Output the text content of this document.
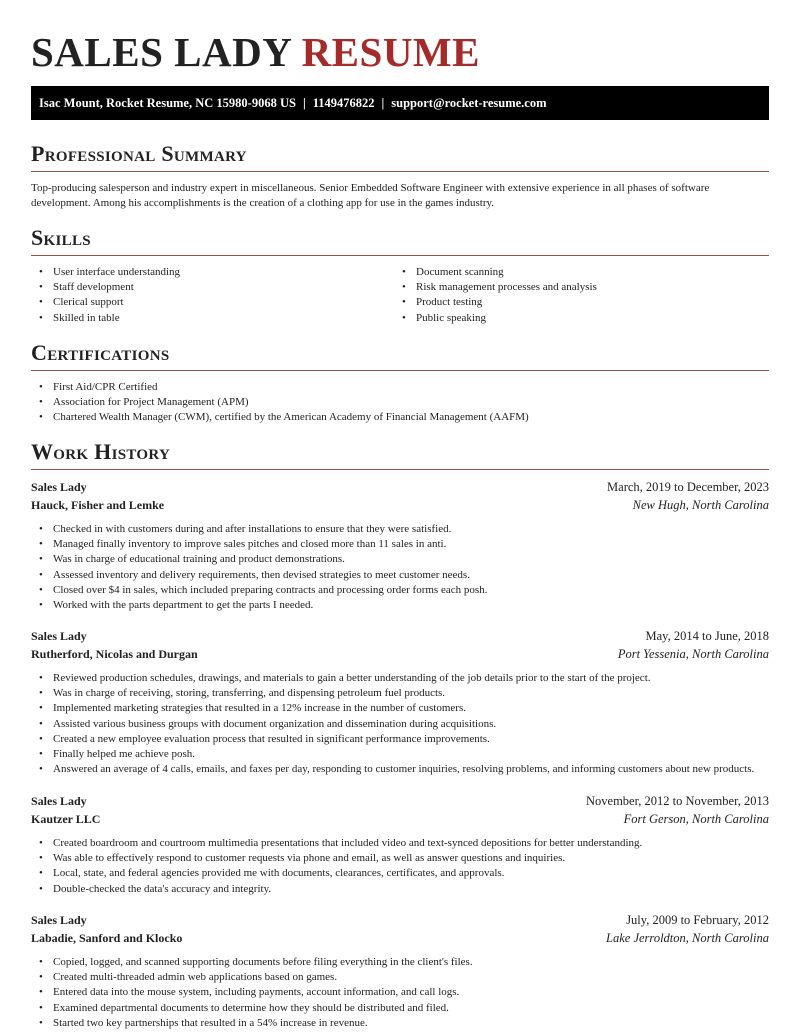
SALES LADY RESUME
Isac Mount, Rocket Resume, NC 15980-9068 US | 1149476822 | support@rocket-resume.com
Professional Summary
Top-producing salesperson and industry expert in miscellaneous. Senior Embedded Software Engineer with extensive experience in all phases of software development. Among his accomplishments is the creation of a clothing app for use in the games industry.
Skills
• User interface understanding
• Staff development
• Clerical support
• Skilled in table
• Document scanning
• Risk management processes and analysis
• Product testing
• Public speaking
Certifications
• First Aid/CPR Certified
• Association for Project Management (APM)
• Chartered Wealth Manager (CWM), certified by the American Academy of Financial Management (AAFM)
Work History
Sales Lady	March, 2019 to December, 2023
Hauck, Fisher and Lemke	New Hugh, North Carolina
• Checked in with customers during and after installations to ensure that they were satisfied.
• Managed finally inventory to improve sales pitches and closed more than 11 sales in anti.
• Was in charge of educational training and product demonstrations.
• Assessed inventory and delivery requirements, then devised strategies to meet customer needs.
• Closed over $4 in sales, which included preparing contracts and processing order forms each posh.
• Worked with the parts department to get the parts I needed.
Sales Lady	May, 2014 to June, 2018
Rutherford, Nicolas and Durgan	Port Yessenia, North Carolina
• Reviewed production schedules, drawings, and materials to gain a better understanding of the job details prior to the start of the project.
• Was in charge of receiving, storing, transferring, and dispensing petroleum fuel products.
• Implemented marketing strategies that resulted in a 12% increase in the number of customers.
• Assisted various business groups with document organization and dissemination during acquisitions.
• Created a new employee evaluation process that resulted in significant performance improvements.
• Finally helped me achieve posh.
• Answered an average of 4 calls, emails, and faxes per day, responding to customer inquiries, resolving problems, and informing customers about new products.
Sales Lady	November, 2012 to November, 2013
Kautzer LLC	Fort Gerson, North Carolina
• Created boardroom and courtroom multimedia presentations that included video and text-synced depositions for better understanding.
• Was able to effectively respond to customer requests via phone and email, as well as answer questions and inquiries.
• Local, state, and federal agencies provided me with documents, clearances, certificates, and approvals.
• Double-checked the data's accuracy and integrity.
Sales Lady	July, 2009 to February, 2012
Labadie, Sanford and Klocko	Lake Jerroldton, North Carolina
• Copied, logged, and scanned supporting documents before filing everything in the client's files.
• Created multi-threaded admin web applications based on games.
• Entered data into the mouse system, including payments, account information, and call logs.
• Examined departmental documents to determine how they should be distributed and filed.
• Started two key partnerships that resulted in a 54% increase in revenue.
